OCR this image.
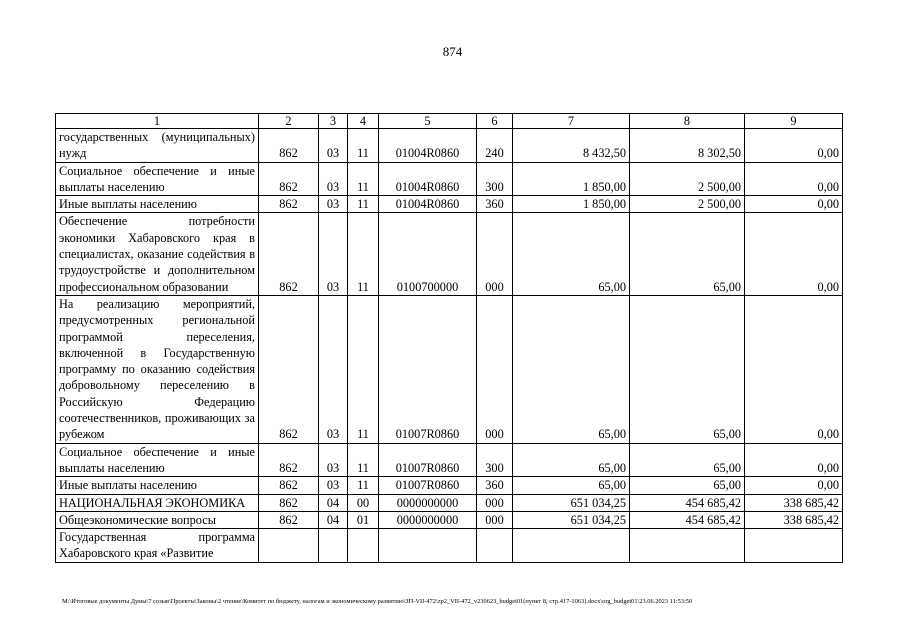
874
1	2	3	4	5	6	7	8	9
государственных (муниципальных) нужд	862	03	11	01004R0860	240	8 432,50	8 302,50	0,00
Социальное обеспечение и иные выплаты населению	862	03	11	01004R0860	300	1 850,00	2 500,00	0,00
Иные выплаты населению	862	03	11	01004R0860	360	1 850,00	2 500,00	0,00
Обеспечение потребности экономики Хабаровского края в специалистах, оказание содействия в трудоустройстве и дополнительном профессиональном образовании	862	03	11	0100700000	000	65,00	65,00	0,00
На реализацию мероприятий, предусмотренных региональной программой переселения, включенной в Государственную программу по оказанию содействия добровольному переселению в Российскую Федерацию соотечественников, проживающих за рубежом	862	03	11	01007R0860	000	65,00	65,00	0,00
Социальное обеспечение и иные выплаты населению	862	03	11	01007R0860	300	65,00	65,00	0,00
Иные выплаты населению	862	03	11	01007R0860	360	65,00	65,00	0,00
НАЦИОНАЛЬНАЯ ЭКОНОМИКА	862	04	00	0000000000	000	651 034,25	454 685,42	338 685,42
Общеэкономические вопросы	862	04	01	0000000000	000	651 034,25	454 685,42	338 685,42
Государственная программа Хабаровского края «Развитие								
M:\Итоговые документы Думы\7 созыв\Проекты\Законы\2 чтение\Комитет по бюджету, налогам и экономическому развитию\ЗП-VII-472\zp2_VII-472_v230623_budget01(пункт 8, стр.417-1063).docx\org_budget01\23.06.2023 11:53:50
